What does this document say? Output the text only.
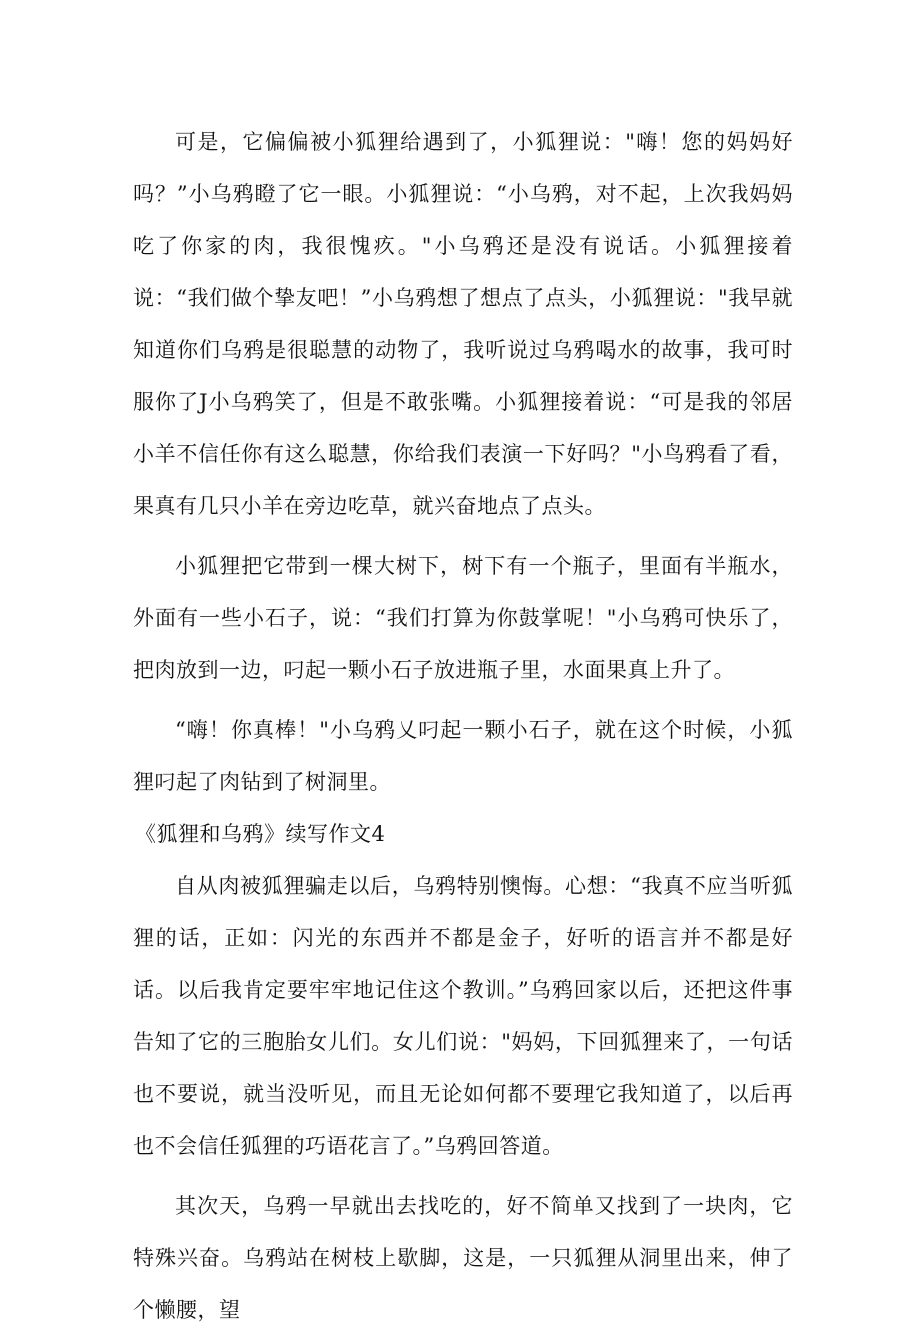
可是，它偏偏被小狐狸给遇到了，小狐狸说："嗨！您的妈妈好吗？”小乌鸦瞪了它一眼。小狐狸说：“小乌鸦，对不起，上次我妈妈吃了你家的肉，我很愧疚。"小乌鸦还是没有说话。小狐狸接着说：“我们做个挚友吧！”小乌鸦想了想点了点头，小狐狸说："我早就知道你们乌鸦是很聪慧的动物了，我听说过乌鸦喝水的故事，我可时服你了J小乌鸦笑了，但是不敢张嘴。小狐狸接着说：“可是我的邻居小羊不信任你有这么聪慧，你给我们表演一下好吗？"小鸟鸦看了看，果真有几只小羊在旁边吃草，就兴奋地点了点头。

小狐狸把它带到一棵大树下，树下有一个瓶子，里面有半瓶水，外面有一些小石子，说：“我们打算为你鼓掌呢！"小乌鸦可快乐了，把肉放到一边，叼起一颗小石子放进瓶子里，水面果真上升了。

“嗨！你真棒！"小乌鸦乂叼起一颗小石子，就在这个时候，小狐狸叼起了肉钻到了树洞里。

《狐狸和乌鸦》续写作文4

自从肉被狐狸骗走以后，乌鸦特别懊悔。心想：“我真不应当听狐狸的话，正如：闪光的东西并不都是金子，好听的语言并不都是好话。以后我肯定要牢牢地记住这个教训。”乌鸦回家以后，还把这件事告知了它的三胞胎女儿们。女儿们说："妈妈，下回狐狸来了，一句话也不要说，就当没听见，而且无论如何都不要理它我知道了，以后再也不会信任狐狸的巧语花言了。”乌鸦回答道。

其次天，乌鸦一早就出去找吃的，好不简单又找到了一块肉，它特殊兴奋。乌鸦站在树枝上歇脚，这是，一只狐狸从洞里出来，伸了个懒腰，望
